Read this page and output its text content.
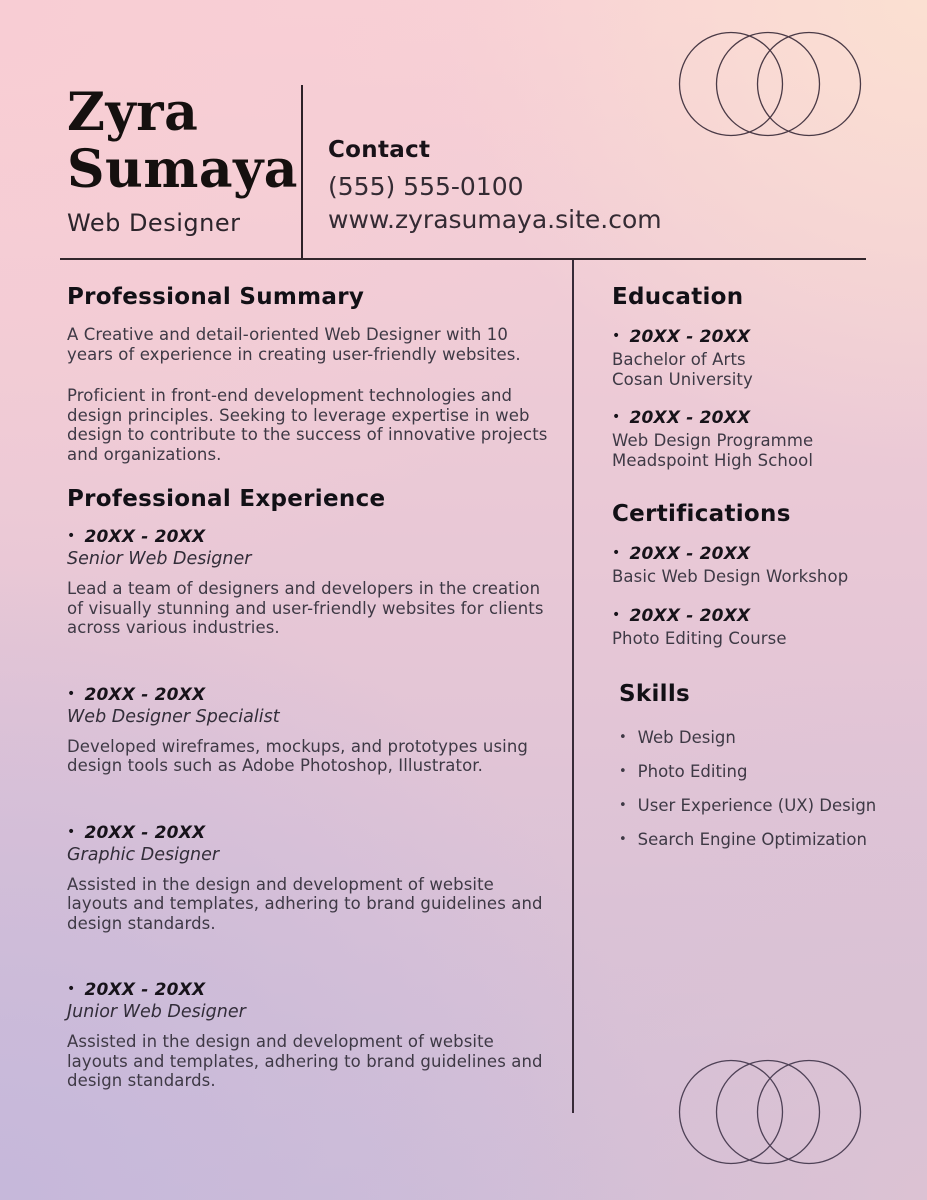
Zyra
Sumaya
Web Designer
Contact
(555) 555-0100
www.zyrasumaya.site.com
Professional Summary

A Creative and detail-oriented Web Designer with 10 years of experience in creating user-friendly websites.

Proficient in front-end development technologies and design principles. Seeking to leverage expertise in web design to contribute to the success of innovative projects and organizations.

Professional Experience
• 20XX - 20XX
Senior Web Designer
Lead a team of designers and developers in the creation of visually stunning and user-friendly websites for clients across various industries.
• 20XX - 20XX
Web Designer Specialist
Developed wireframes, mockups, and prototypes using design tools such as Adobe Photoshop, Illustrator.
• 20XX - 20XX
Graphic Designer
Assisted in the design and development of website layouts and templates, adhering to brand guidelines and design standards.
• 20XX - 20XX
Junior Web Designer
Assisted in the design and development of website layouts and templates, adhering to brand guidelines and design standards.
Education
• 20XX - 20XX
Bachelor of Arts
Cosan University
• 20XX - 20XX
Web Design Programme
Meadspoint High School
Certifications
• 20XX - 20XX
Basic Web Design Workshop
• 20XX - 20XX
Photo Editing Course
Skills
• Web Design
• Photo Editing
• User Experience (UX) Design
• Search Engine Optimization
